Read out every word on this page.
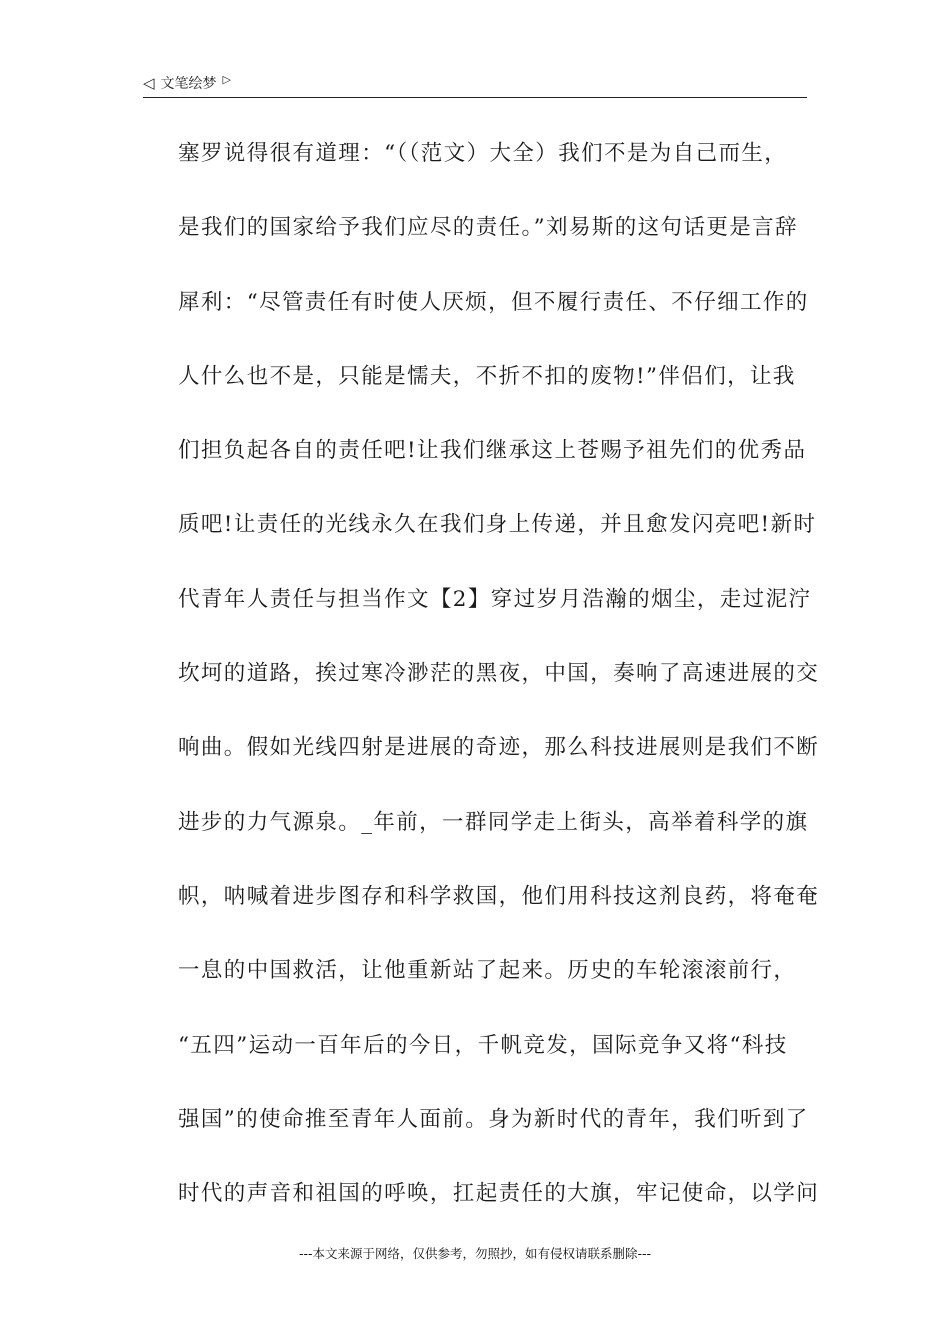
◁ 文笔绘梦 ▷
塞罗说得很有道理：“（（范文）大全）我们不是为自己而生，
是我们的国家给予我们应尽的责任。”刘易斯的这句话更是言辞
犀利：“尽管责任有时使人厌烦，但不履行责任、不仔细工作的
人什么也不是，只能是懦夫，不折不扣的废物!”伴侣们，让我
们担负起各自的责任吧!让我们继承这上苍赐予祖先们的优秀品
质吧!让责任的光线永久在我们身上传递，并且愈发闪亮吧!新时
代青年人责任与担当作文【2】穿过岁月浩瀚的烟尘，走过泥泞
坎坷的道路，挨过寒冷渺茫的黑夜，中国，奏响了高速进展的交
响曲。假如光线四射是进展的奇迹，那么科技进展则是我们不断
进步的力气源泉。_年前，一群同学走上街头，高举着科学的旗
帜，呐喊着进步图存和科学救国，他们用科技这剂良药，将奄奄
一息的中国救活，让他重新站了起来。历史的车轮滚滚前行，
“五四”运动一百年后的今日，千帆竞发，国际竞争又将“科技
强国”的使命推至青年人面前。身为新时代的青年，我们听到了
时代的声音和祖国的呼唤，扛起责任的大旗，牢记使命，以学问
---本文来源于网络，仅供参考，勿照抄，如有侵权请联系删除---
